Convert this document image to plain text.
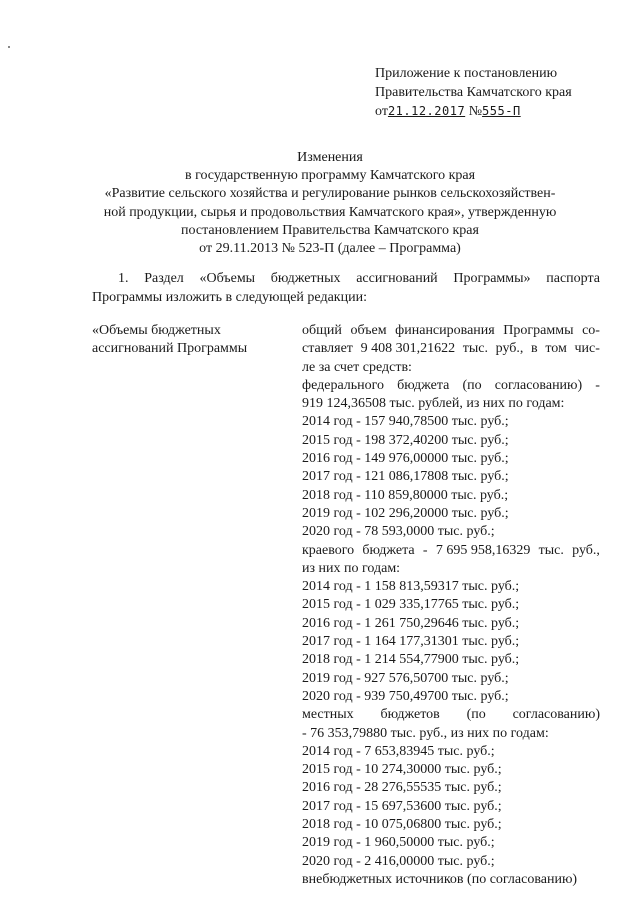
Приложение к постановлению
Правительства Камчатского края
от21.12.2017 №555-П
Изменения
в государственную программу Камчатского края
«Развитие сельского хозяйства и регулирование рынков сельскохозяйствен-
ной продукции, сырья и продовольствия Камчатского края», утвержденную
постановлением Правительства Камчатского края
от 29.11.2013 № 523-П (далее – Программа)
1. Раздел «Объемы бюджетных ассигнований Программы» паспорта
Программы изложить в следующей редакции:
«Объемы бюджетных
ассигнований Программы
общий объем финансирования Программы со-
ставляет 9 408 301,21622 тыс. руб., в том чис-
ле за счет средств:
федерального бюджета (по согласованию) -
919 124,36508 тыс. рублей, из них по годам:
2014 год - 157 940,78500 тыс. руб.;
2015 год - 198 372,40200 тыс. руб.;
2016 год - 149 976,00000 тыс. руб.;
2017 год - 121 086,17808 тыс. руб.;
2018 год - 110 859,80000 тыс. руб.;
2019 год - 102 296,20000 тыс. руб.;
2020 год - 78 593,0000 тыс. руб.;
краевого бюджета - 7 695 958,16329 тыс. руб.,
из них по годам:
2014 год - 1 158 813,59317 тыс. руб.;
2015 год - 1 029 335,17765 тыс. руб.;
2016 год - 1 261 750,29646 тыс. руб.;
2017 год - 1 164 177,31301 тыс. руб.;
2018 год - 1 214 554,77900 тыс. руб.;
2019 год - 927 576,50700 тыс. руб.;
2020 год - 939 750,49700 тыс. руб.;
местных бюджетов (по согласованию)
- 76 353,79880 тыс. руб., из них по годам:
2014 год - 7 653,83945 тыс. руб.;
2015 год - 10 274,30000 тыс. руб.;
2016 год - 28 276,55535 тыс. руб.;
2017 год - 15 697,53600 тыс. руб.;
2018 год - 10 075,06800 тыс. руб.;
2019 год - 1 960,50000 тыс. руб.;
2020 год - 2 416,00000 тыс. руб.;
внебюджетных источников (по согласованию)
